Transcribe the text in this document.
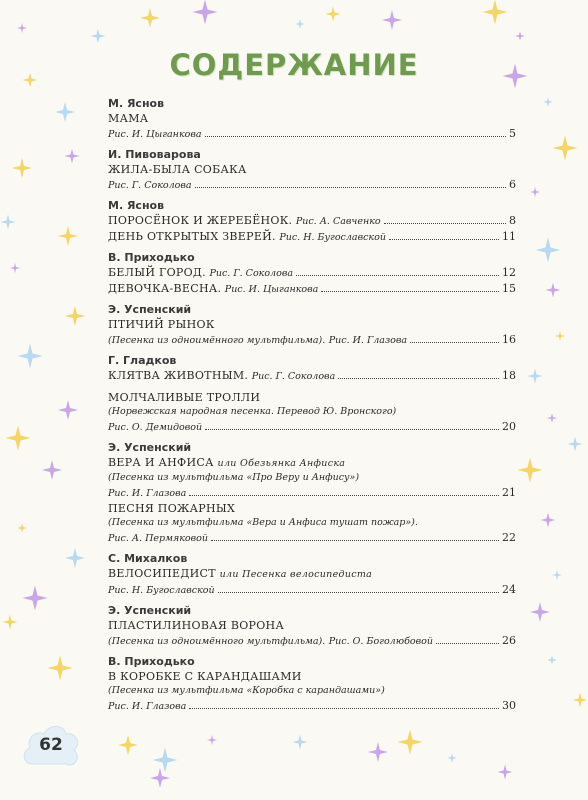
62
СОДЕРЖАНИЕ
М. Яснов
МАМА
Рис. И. Цыганкова	5
И. Пивоварова
ЖИЛА-БЫЛА СОБАКА
Рис. Г. Соколова	6
М. Яснов
ПОРОСЁНОК И ЖЕРЕБЁНОК.
Рис. А. Савченко	8
ДЕНЬ ОТКРЫТЫХ ЗВЕРЕЙ.
Рис. Н. Бугославской	11
В. Приходько
БЕЛЫЙ ГОРОД.
Рис. Г. Соколова	12
ДЕВОЧКА-ВЕСНА.
Рис. И. Цыганкова	15
Э. Успенский
ПТИЧИЙ РЫНОК
(Песенка из одноимённого мультфильма).
Рис. И. Глазова	16
Г. Гладков
КЛЯТВА ЖИВОТНЫМ.
Рис. Г. Соколова	18
МОЛЧАЛИВЫЕ ТРОЛЛИ
(Норвежская народная песенка. Перевод Ю. Вронского)
Рис. О. Демидовой	20
Э. Успенский
ВЕРА И АНФИСА или Обезьянка Анфиска
(Песенка из мультфильма «Про Веру и Анфису»)
Рис. И. Глазова	21
ПЕСНЯ ПОЖАРНЫХ
(Песенка из мультфильма «Вера и Анфиса тушат пожар»).
Рис. А. Пермяковой	22
С. Михалков
ВЕЛОСИПЕДИСТ или Песенка велосипедиста
Рис. Н. Бугославской	24
Э. Успенский
ПЛАСТИЛИНОВАЯ ВОРОНА
(Песенка из одноимённого мультфильма).
Рис. О. Боголюбовой	26
В. Приходько
В КОРОБКЕ С КАРАНДАШАМИ
(Песенка из мультфильма «Коробка с карандашами»)
Рис. И. Глазова	30
